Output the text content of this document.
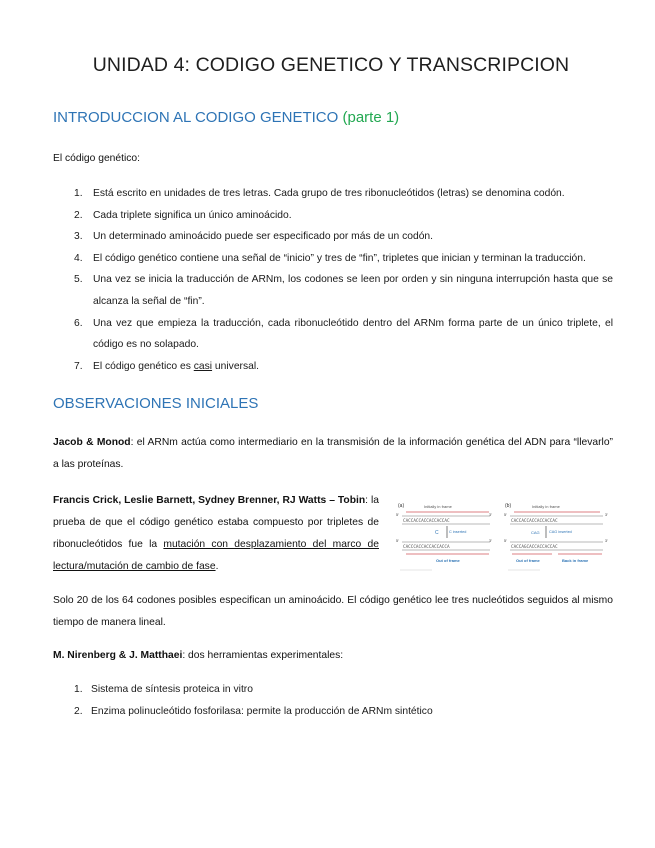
UNIDAD 4: CODIGO GENETICO Y TRANSCRIPCION
INTRODUCCION AL CODIGO GENETICO (parte 1)
El código genético:
1. Está escrito en unidades de tres letras. Cada grupo de tres ribonucleótidos (letras) se denomina codón.
2. Cada triplete significa un único aminoácido.
3. Un determinado aminoácido puede ser especificado por más de un codón.
4. El código genético contiene una señal de “inicio” y tres de “fin”, tripletes que inician y terminan la traducción.
5. Una vez se inicia la traducción de ARNm, los codones se leen por orden y sin ninguna interrupción hasta que se alcanza la señal de “fin”.
6. Una vez que empieza la traducción, cada ribonucleótido dentro del ARNm forma parte de un único triplete, el código es no solapado.
7. El código genético es casi universal.
OBSERVACIONES INICIALES
Jacob & Monod: el ARNm actúa como intermediario en la transmisión de la información genética del ADN para “llevarlo” a las proteínas.
Francis Crick, Leslie Barnett, Sydney Brenner, RJ Watts – Tobin: la prueba de que el código genético estaba compuesto por tripletes de ribonucleótidos fue la mutación con desplazamiento del marco de lectura/mutación de cambio de fase.
(a)	Initially in frame
5′	3′
CACCACCACCACCACCAC
C	C inserted
5′	3′
CACCCACCACCACCACCA
Out of frame
(b)	Initially in frame
5′	3′
CACCACCACCACCACCAC
CAG CAG inserted
5′	3′
CACCAGCACCACCACCAC
Out of frame	Back in frame
Solo 20 de los 64 codones posibles especifican un aminoácido. El código genético lee tres nucleótidos seguidos al mismo tiempo de manera lineal.
M. Nirenberg & J. Matthaei: dos herramientas experimentales:
1. Sistema de síntesis proteica in vitro
2. Enzima polinucleótido fosforilasa: permite la producción de ARNm sintético
